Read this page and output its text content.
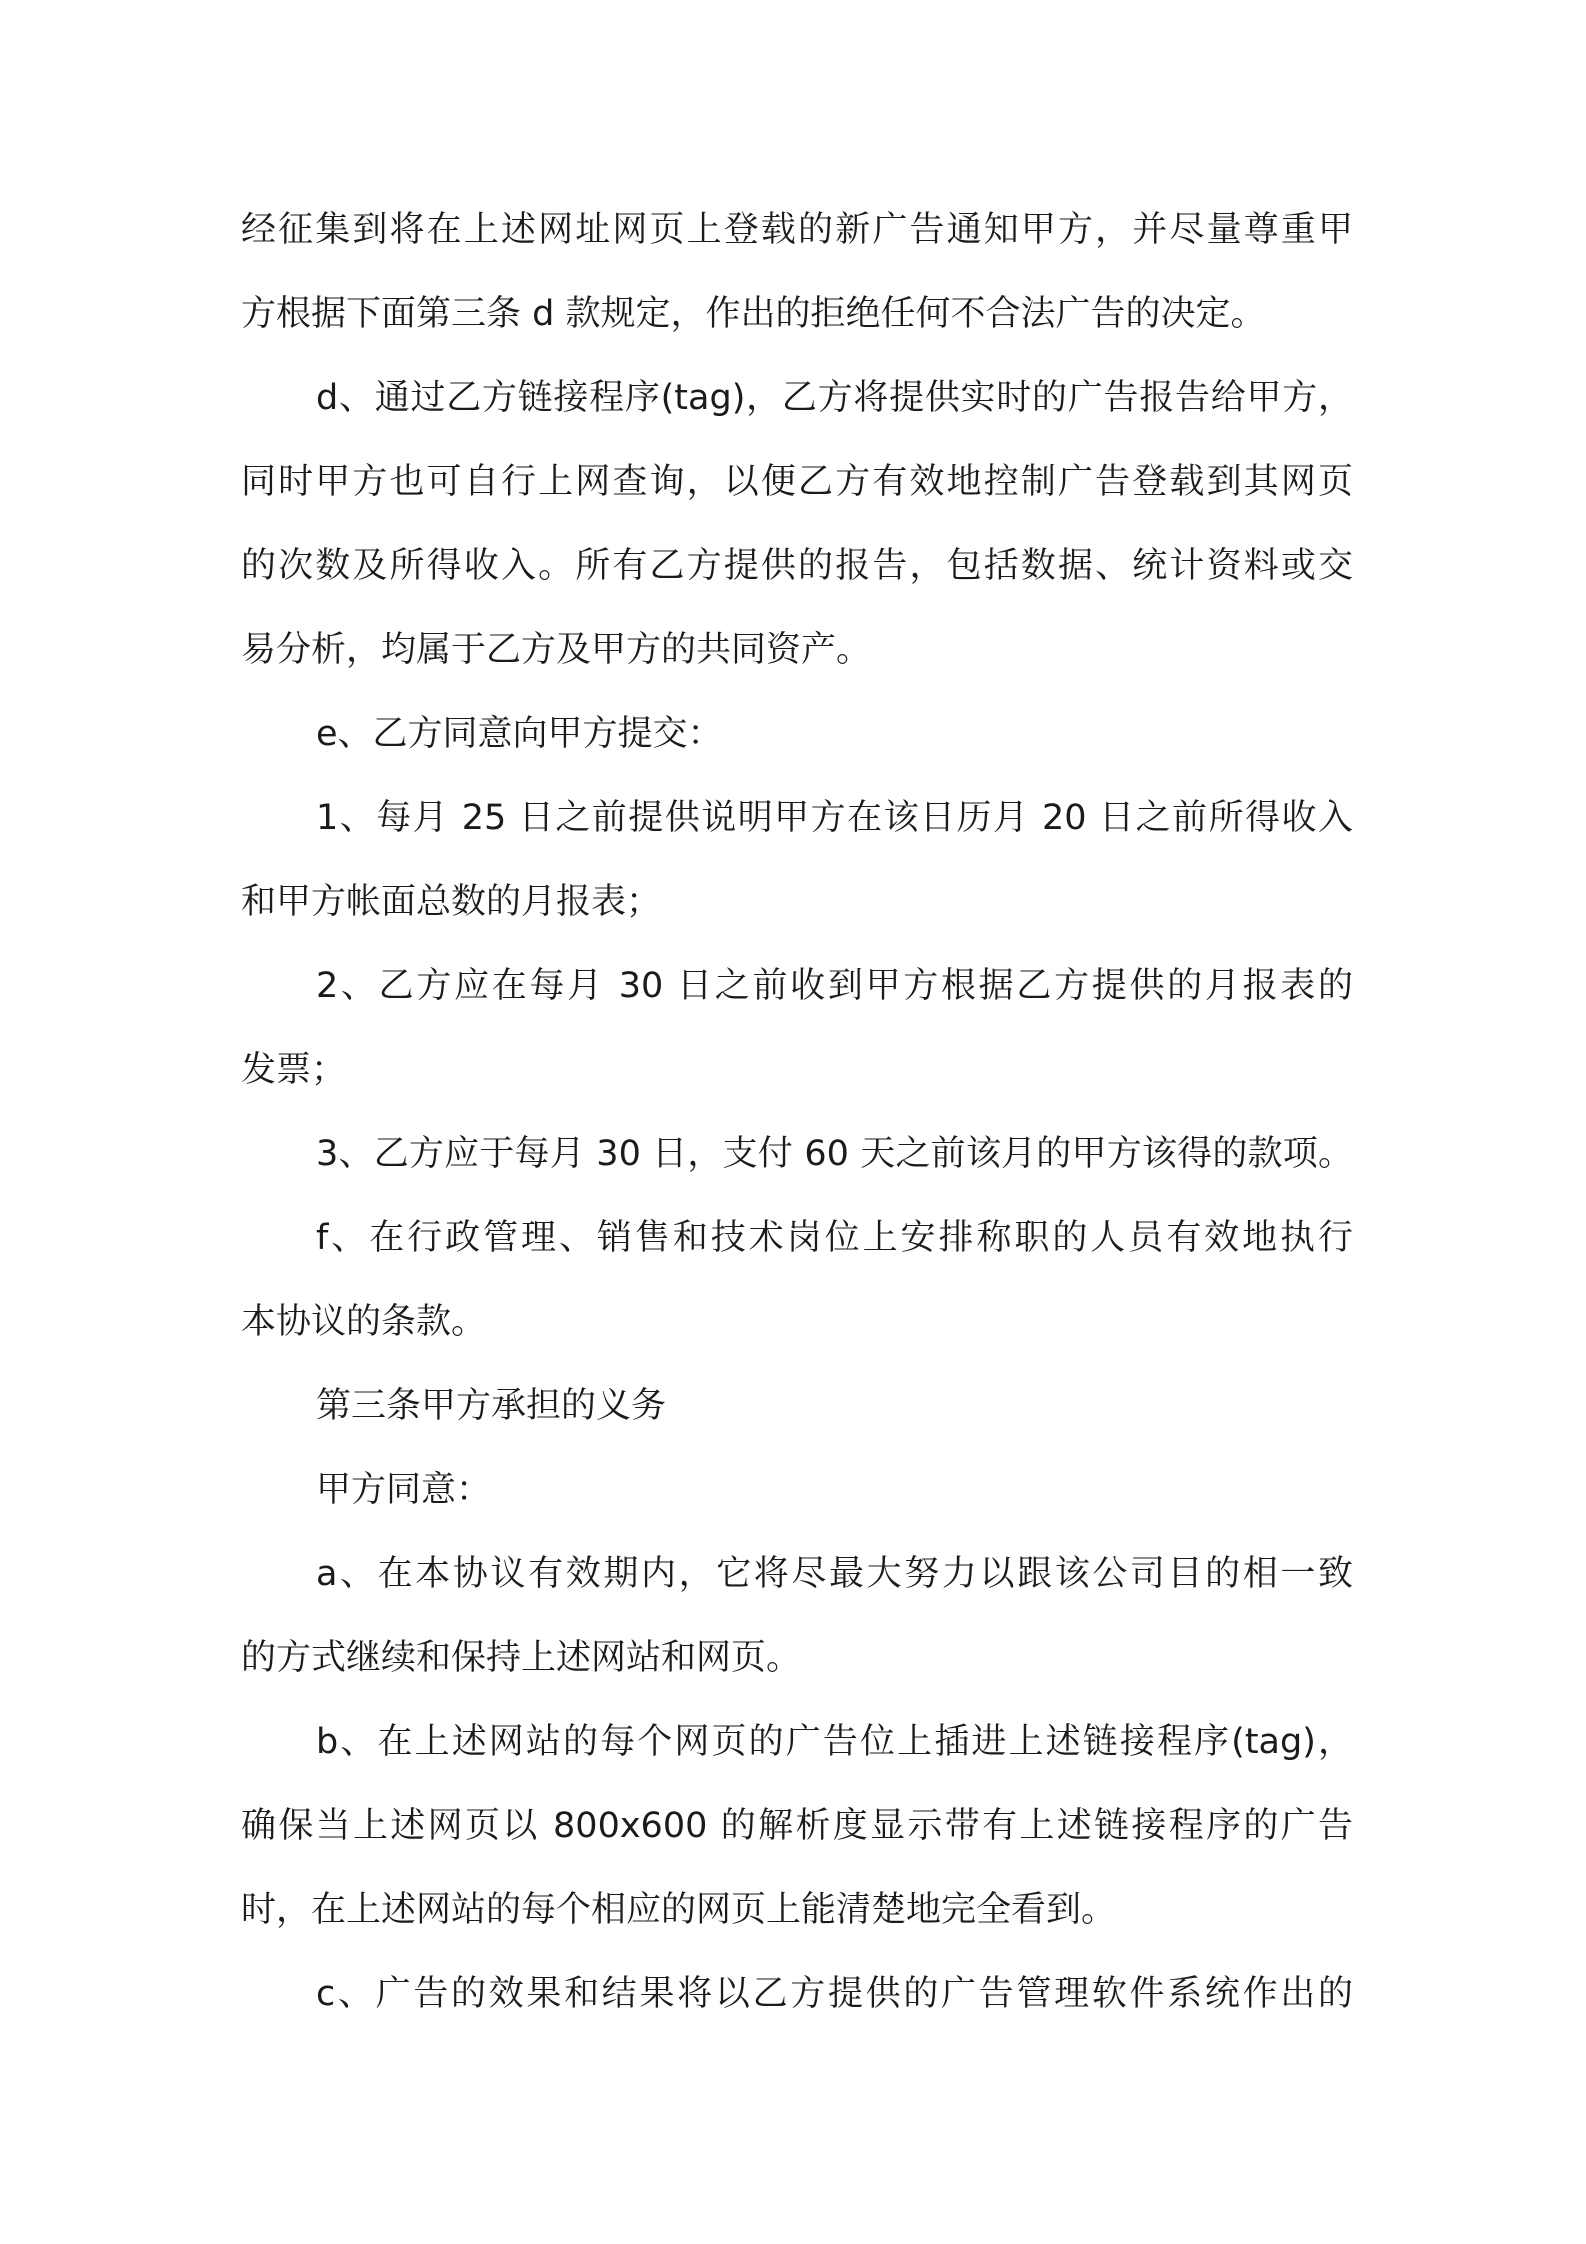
经征集到将在上述网址网页上登载的新广告通知甲方，并尽量尊重甲

方根据下面第三条 d 款规定，作出的拒绝任何不合法广告的决定。

d、通过乙方链接程序(tag)，乙方将提供实时的广告报告给甲方，

同时甲方也可自行上网查询，以便乙方有效地控制广告登载到其网页

的次数及所得收入。所有乙方提供的报告，包括数据、统计资料或交

易分析，均属于乙方及甲方的共同资产。

e、乙方同意向甲方提交：

1、每月 25 日之前提供说明甲方在该日历月 20 日之前所得收入

和甲方帐面总数的月报表；

2、乙方应在每月 30 日之前收到甲方根据乙方提供的月报表的

发票；

3、乙方应于每月 30 日，支付 60 天之前该月的甲方该得的款项。

f、在行政管理、销售和技术岗位上安排称职的人员有效地执行

本协议的条款。

第三条甲方承担的义务

甲方同意：

a、在本协议有效期内，它将尽最大努力以跟该公司目的相一致

的方式继续和保持上述网站和网页。

b、在上述网站的每个网页的广告位上插进上述链接程序(tag)，

确保当上述网页以 800x600 的解析度显示带有上述链接程序的广告

时，在上述网站的每个相应的网页上能清楚地完全看到。

c、广告的效果和结果将以乙方提供的广告管理软件系统作出的
